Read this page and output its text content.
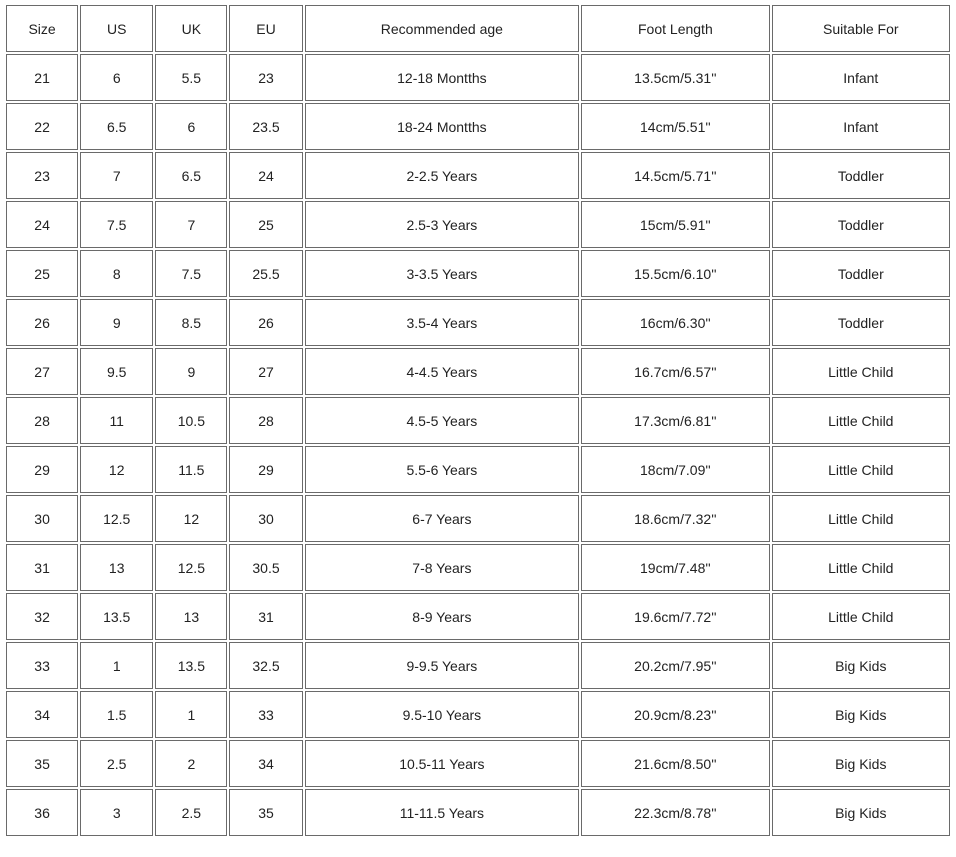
Size	US	UK	EU	Recommended age	Foot Length	Suitable For
21	6	5.5	23	12-18 Montths	13.5cm/5.31''	Infant
22	6.5	6	23.5	18-24 Montths	14cm/5.51''	Infant
23	7	6.5	24	2-2.5 Years	14.5cm/5.71''	Toddler
24	7.5	7	25	2.5-3 Years	15cm/5.91''	Toddler
25	8	7.5	25.5	3-3.5 Years	15.5cm/6.10''	Toddler
26	9	8.5	26	3.5-4 Years	16cm/6.30''	Toddler
27	9.5	9	27	4-4.5 Years	16.7cm/6.57''	Little Child
28	11	10.5	28	4.5-5 Years	17.3cm/6.81''	Little Child
29	12	11.5	29	5.5-6 Years	18cm/7.09''	Little Child
30	12.5	12	30	6-7 Years	18.6cm/7.32''	Little Child
31	13	12.5	30.5	7-8 Years	19cm/7.48''	Little Child
32	13.5	13	31	8-9 Years	19.6cm/7.72''	Little Child
33	1	13.5	32.5	9-9.5 Years	20.2cm/7.95''	Big Kids
34	1.5	1	33	9.5-10 Years	20.9cm/8.23''	Big Kids
35	2.5	2	34	10.5-11 Years	21.6cm/8.50''	Big Kids
36	3	2.5	35	11-11.5 Years	22.3cm/8.78''	Big Kids
